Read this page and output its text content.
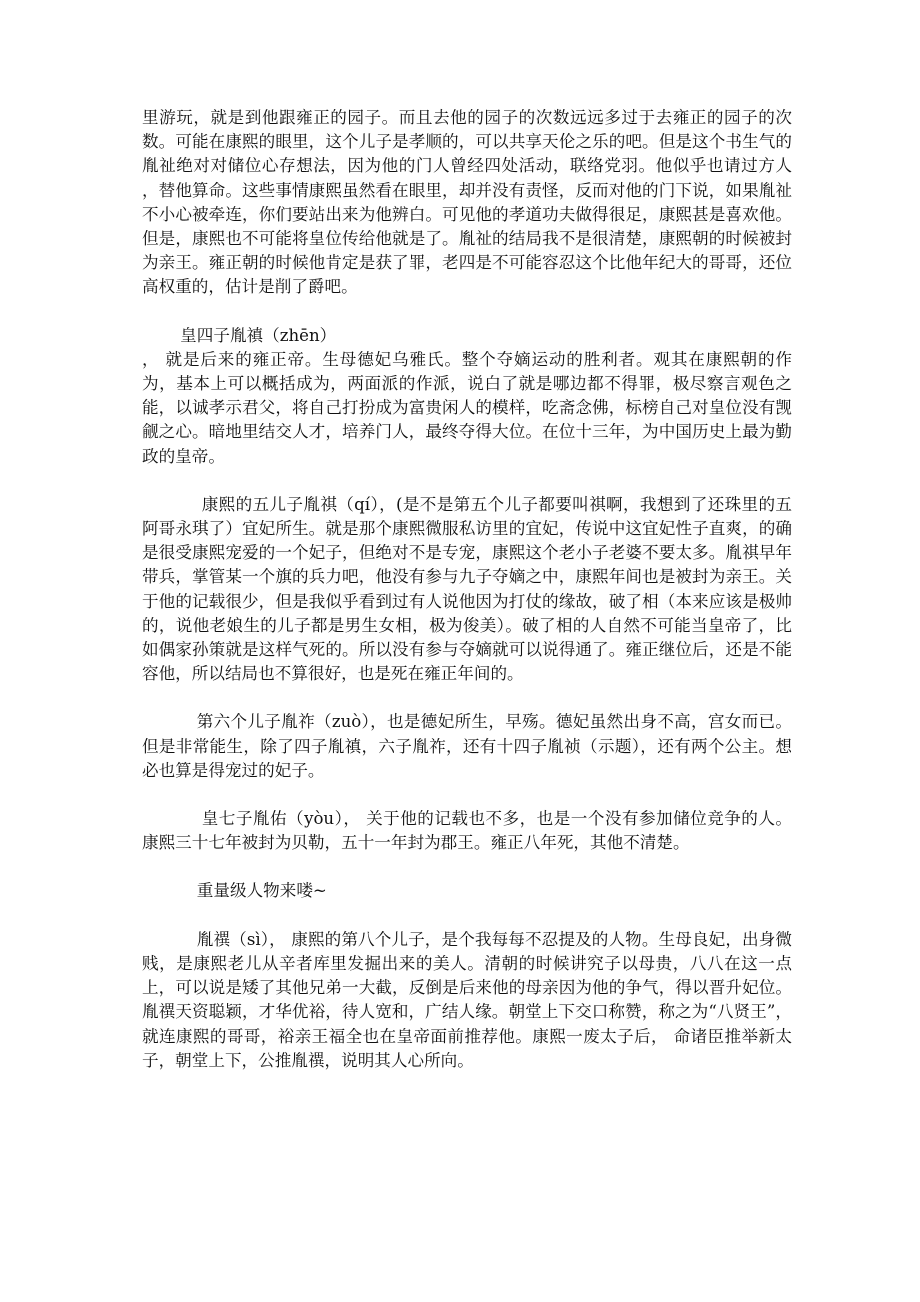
里游玩，就是到他跟雍正的园子。而且去他的园子的次数远远多过于去雍正的园子的次数。可能在康熙的眼里，这个儿子是孝顺的，可以共享天伦之乐的吧。但是这个书生气的胤祉绝对对储位心存想法，因为他的门人曾经四处活动，联络党羽。他似乎也请过方人 ，替他算命。这些事情康熙虽然看在眼里，却并没有责怪，反而对他的门下说，如果胤祉不小心被牵连，你们要站出来为他辨白。可见他的孝道功夫做得很足，康熙甚是喜欢他。但是，康熙也不可能将皇位传给他就是了。胤祉的结局我不是很清楚，康熙朝的时候被封为亲王。雍正朝的时候他肯定是获了罪，老四是不可能容忍这个比他年纪大的哥哥，还位高权重的，估计是削了爵吧。

皇四子胤禛（zhēn）

， 就是后来的雍正帝。生母德妃乌雅氏。整个夺嫡运动的胜利者。观其在康熙朝的作为，基本上可以概括成为，两面派的作派，说白了就是哪边都不得罪，极尽察言观色之能，以诚孝示君父，将自己打扮成为富贵闲人的模样，吃斋念佛，标榜自己对皇位没有觊觎之心。暗地里结交人才，培养门人，最终夺得大位。在位十三年，为中国历史上最为勤政的皇帝。

康熙的五儿子胤祺（qí），(是不是第五个儿子都要叫祺啊，我想到了还珠里的五阿哥永琪了）宜妃所生。就是那个康熙微服私访里的宜妃，传说中这宜妃性子直爽，的确是很受康熙宠爱的一个妃子，但绝对不是专宠，康熙这个老小子老婆不要太多。胤祺早年带兵，掌管某一个旗的兵力吧，他没有参与九子夺嫡之中，康熙年间也是被封为亲王。关于他的记载很少，但是我似乎看到过有人说他因为打仗的缘故，破了相（本来应该是极帅的，说他老娘生的儿子都是男生女相，极为俊美）。破了相的人自然不可能当皇帝了，比如偶家孙策就是这样气死的。所以没有参与夺嫡就可以说得通了。雍正继位后，还是不能容他，所以结局也不算很好，也是死在雍正年间的。

第六个儿子胤祚（zuò），也是德妃所生，早殇。德妃虽然出身不高，宫女而已。但是非常能生，除了四子胤禛，六子胤祚，还有十四子胤祯（示题），还有两个公主。想必也算是得宠过的妃子。

皇七子胤佑（yòu）， 关于他的记载也不多，也是一个没有参加储位竞争的人。康熙三十七年被封为贝勒，五十一年封为郡王。雍正八年死，其他不清楚。

重量级人物来喽~

胤禩（sì）， 康熙的第八个儿子，是个我每每不忍提及的人物。生母良妃，出身微贱，是康熙老儿从辛者库里发掘出来的美人。清朝的时候讲究子以母贵，八八在这一点上，可以说是矮了其他兄弟一大截，反倒是后来他的母亲因为他的争气，得以晋升妃位。 胤禩天资聪颖，才华优裕，待人宽和，广结人缘。朝堂上下交口称赞，称之为“八贤王”，就连康熙的哥哥，裕亲王福全也在皇帝面前推荐他。康熙一废太子后， 命诸臣推举新太子，朝堂上下，公推胤禩，说明其人心所向。
